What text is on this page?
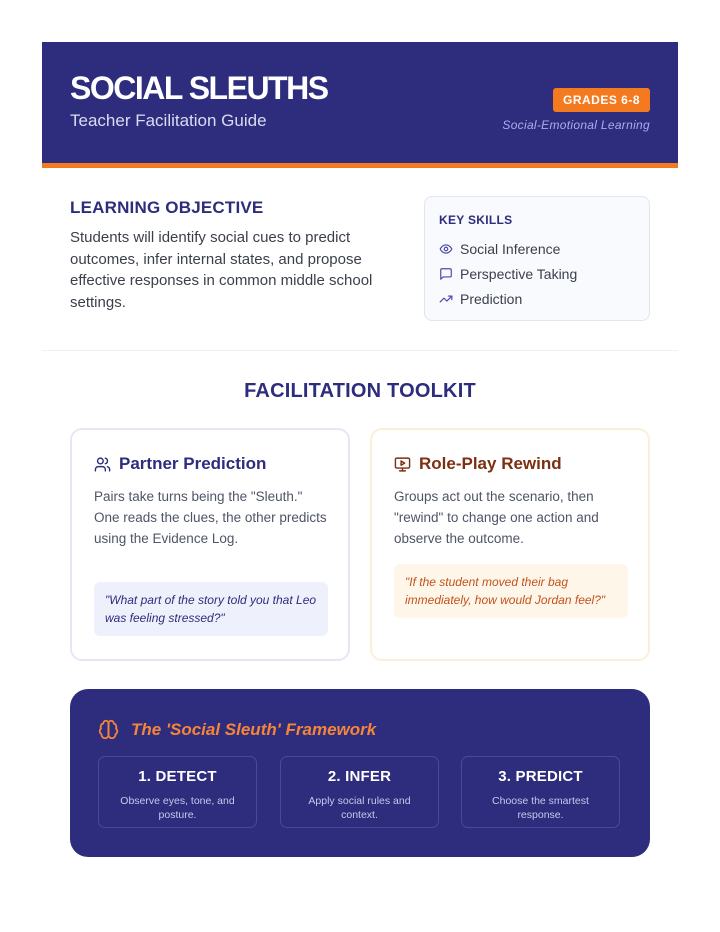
SOCIAL SLEUTHS
Teacher Facilitation Guide
GRADES 6-8
Social-Emotional Learning
LEARNING OBJECTIVE

Students will identify social cues to predict outcomes, infer internal states, and propose effective responses in common middle school settings.

KEY SKILLS
Social Inference
Perspective Taking
Prediction
FACILITATION TOOLKIT
Partner Prediction
Pairs take turns being the "Sleuth." One reads the clues, the other predicts using the Evidence Log.
"What part of the story told you that Leo was feeling stressed?"
Role-Play Rewind
Groups act out the scenario, then "rewind" to change one action and observe the outcome.
"If the student moved their bag immediately, how would Jordan feel?"
The 'Social Sleuth' Framework
1. DETECT
Observe eyes, tone, and posture.
2. INFER
Apply social rules and context.
3. PREDICT
Choose the smartest response.
